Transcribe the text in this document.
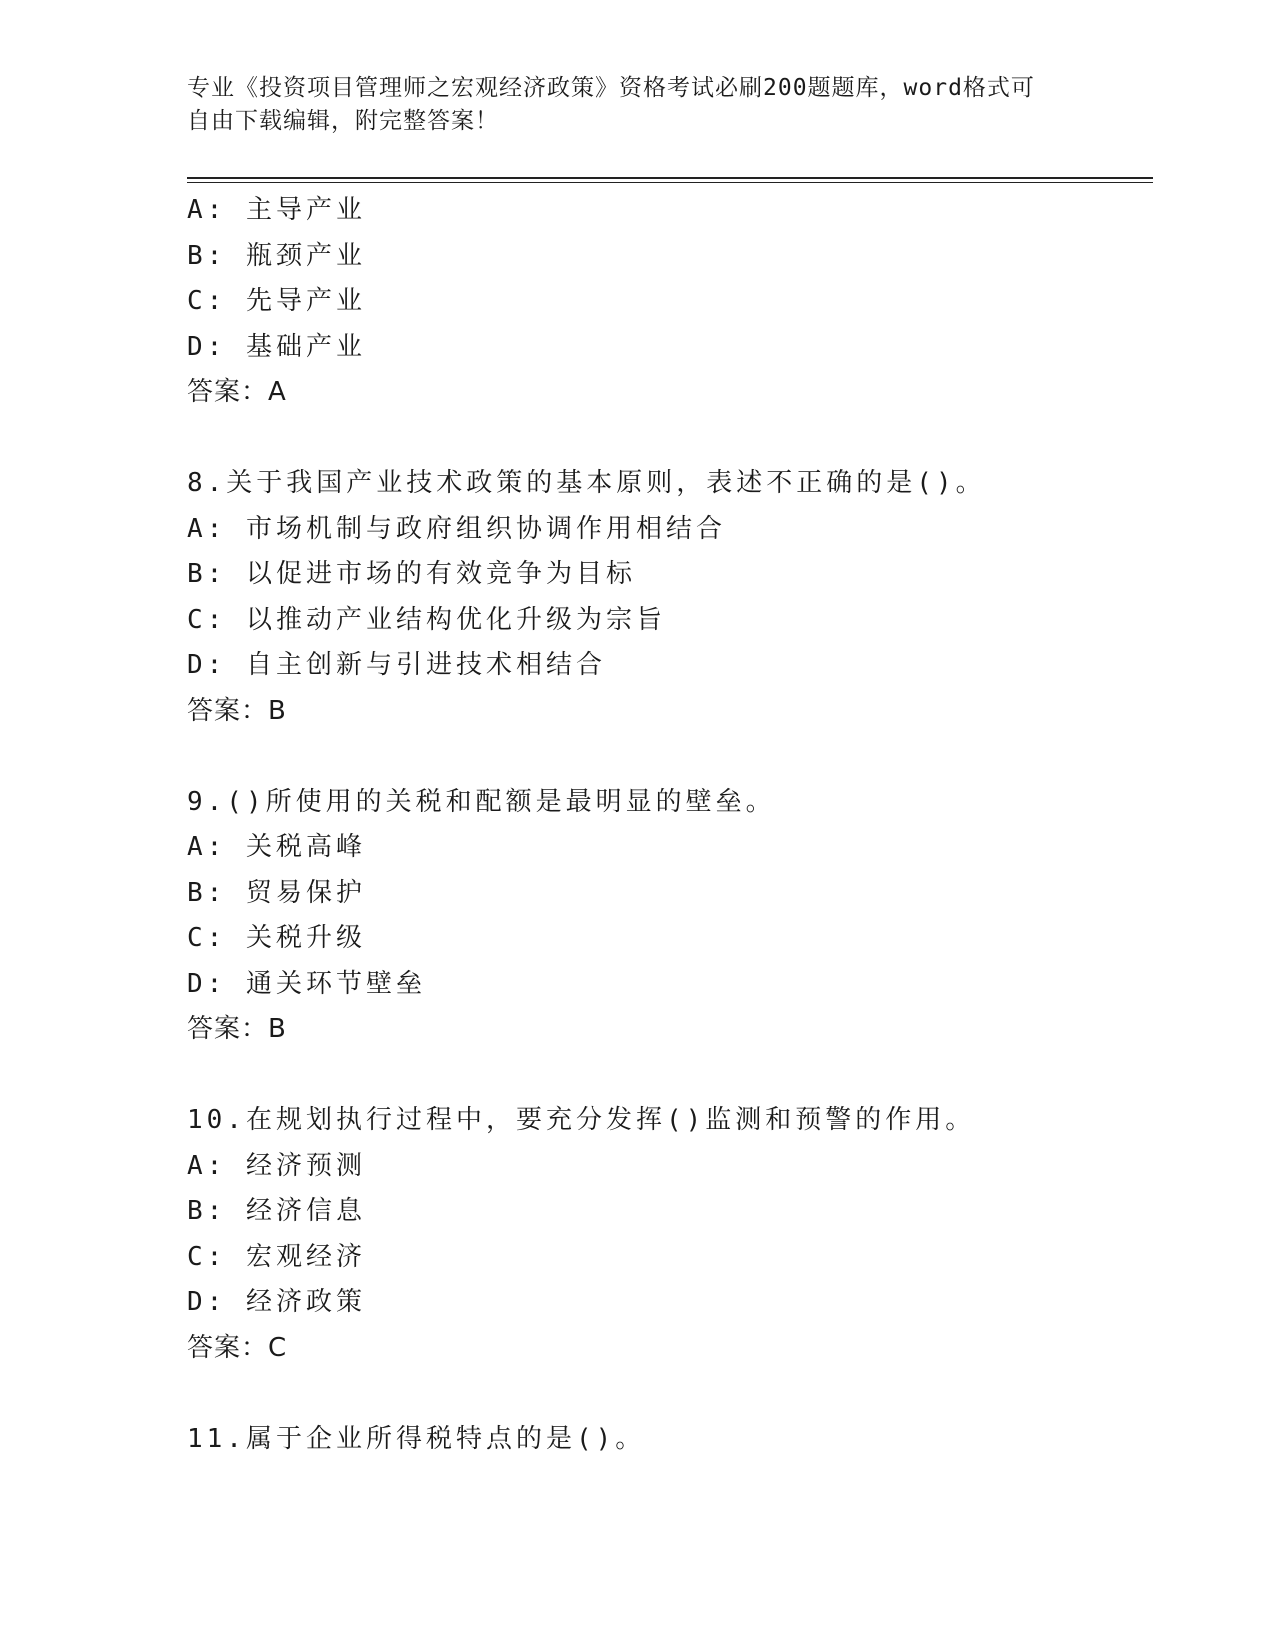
专业《投资项目管理师之宏观经济政策》资格考试必刷200题题库，word格式可
自由下载编辑，附完整答案！
A: 主导产业
B: 瓶颈产业
C: 先导产业
D: 基础产业
答案：A
8.关于我国产业技术政策的基本原则，表述不正确的是()。
A: 市场机制与政府组织协调作用相结合
B: 以促进市场的有效竞争为目标
C: 以推动产业结构优化升级为宗旨
D: 自主创新与引进技术相结合
答案：B
9.()所使用的关税和配额是最明显的壁垒。
A: 关税高峰
B: 贸易保护
C: 关税升级
D: 通关环节壁垒
答案：B
10.在规划执行过程中，要充分发挥()监测和预警的作用。
A: 经济预测
B: 经济信息
C: 宏观经济
D: 经济政策
答案：C
11.属于企业所得税特点的是()。
